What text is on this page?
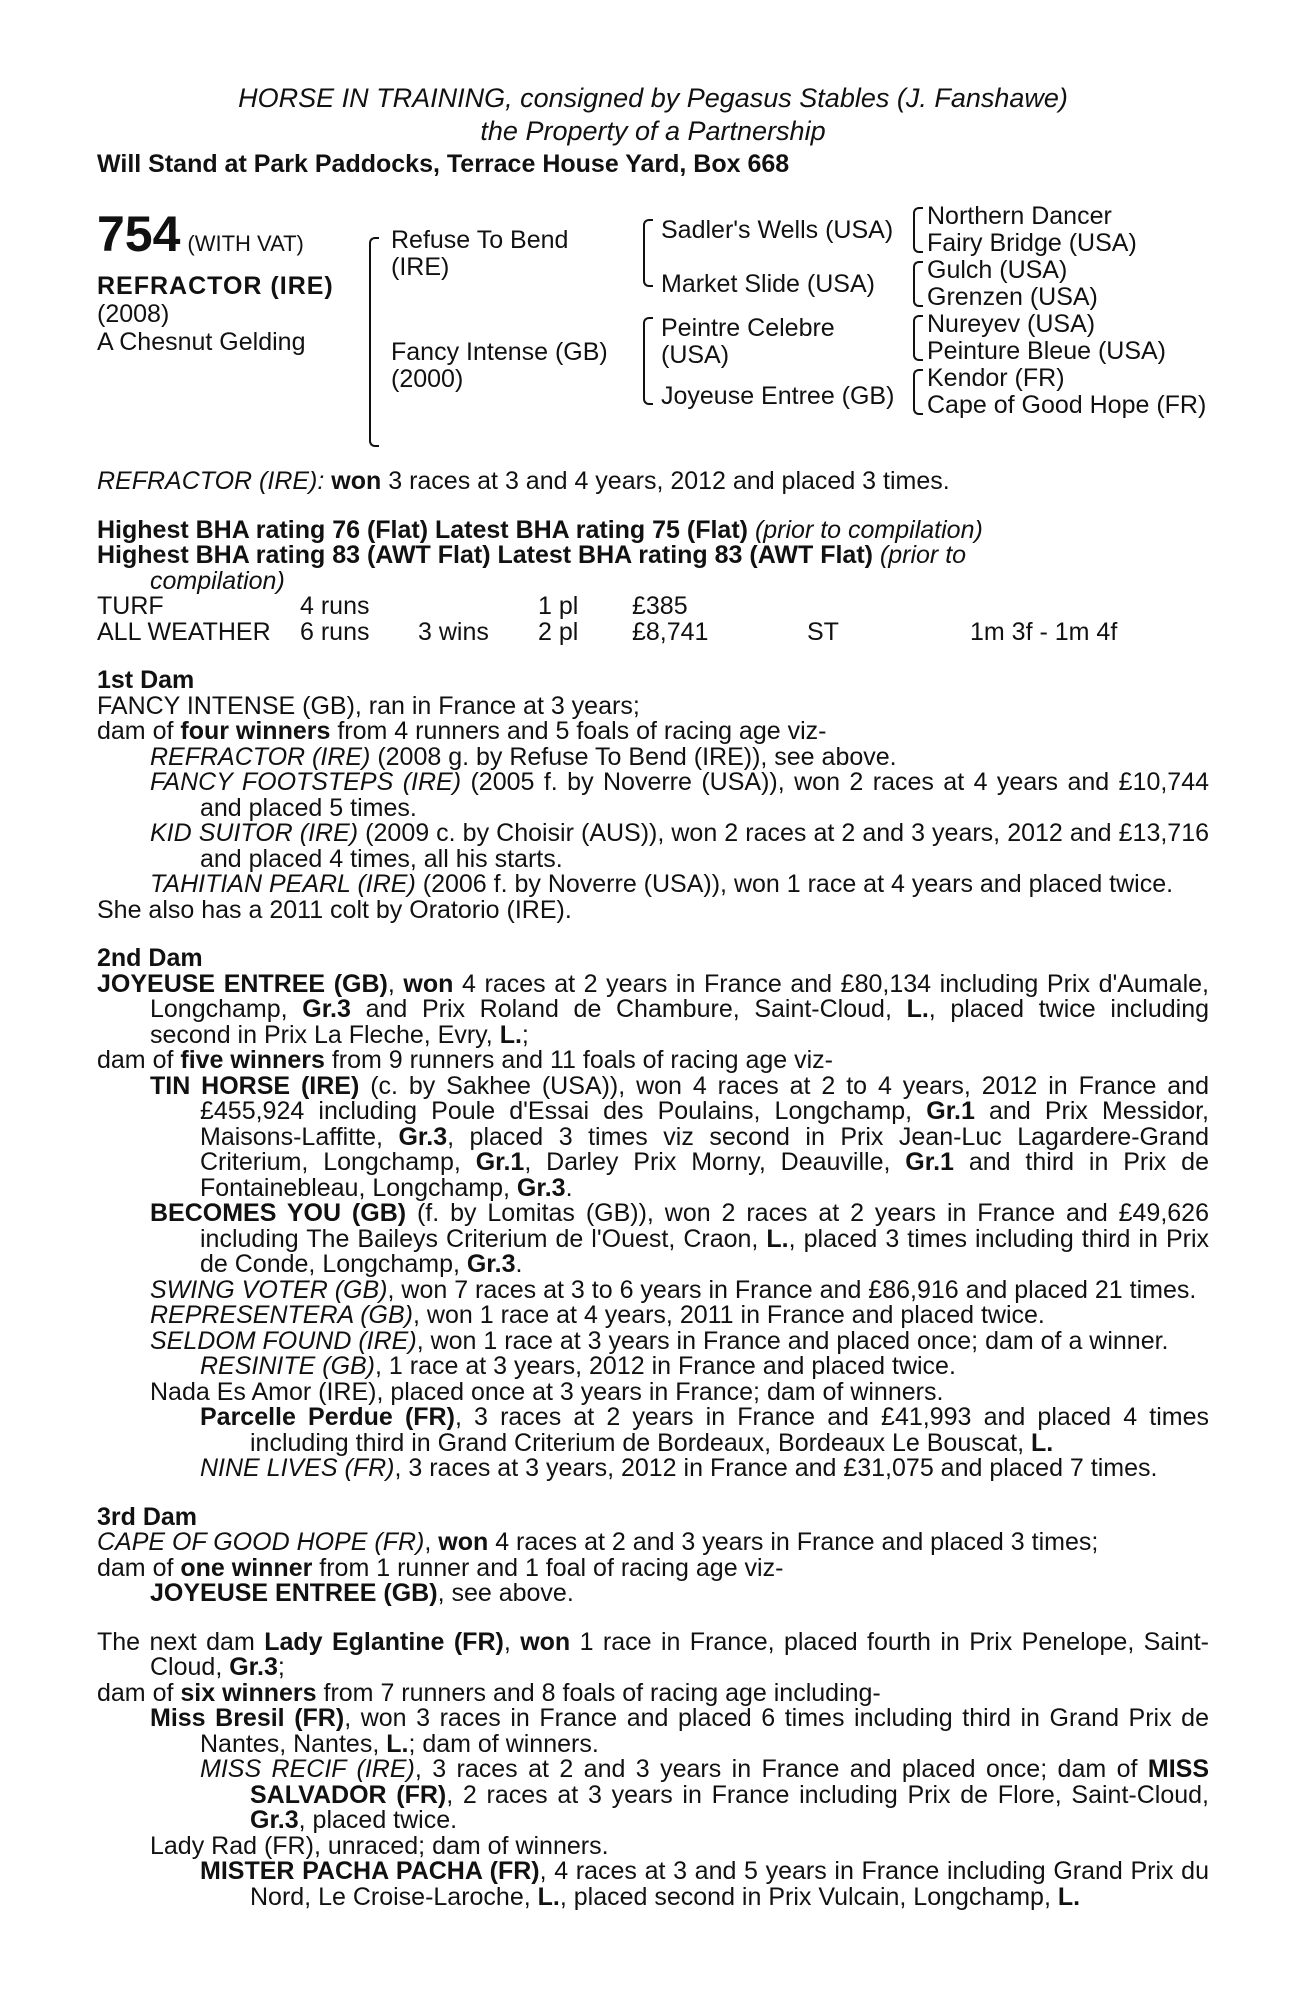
HORSE IN TRAINING, consigned by Pegasus Stables (J. Fanshawe)
the Property of a Partnership
Will Stand at Park Paddocks, Terrace House Yard, Box 668
754 (WITH VAT)
REFRACTOR (IRE)
(2008)
A Chesnut Gelding
Refuse To Bend
(IRE)
Fancy Intense (GB)
(2000)
Sadler's Wells (USA)
Market Slide (USA)
Peintre Celebre
(USA)
Joyeuse Entree (GB)
Northern Dancer
Fairy Bridge (USA)
Gulch (USA)
Grenzen (USA)
Nureyev (USA)
Peinture Bleue (USA)
Kendor (FR)
Cape of Good Hope (FR)

REFRACTOR (IRE): won 3 races at 3 and 4 years, 2012 and placed 3 times.

Highest BHA rating 76 (Flat) Latest BHA rating 75 (Flat) (prior to compilation)

Highest BHA rating 83 (AWT Flat) Latest BHA rating 83 (AWT Flat) (prior to

compilation)

TURF	4 runs		1 pl	£385		
ALL WEATHER	6 runs	3 wins	2 pl	£8,741	ST	1m 3f - 1m 4f

1st Dam

FANCY INTENSE (GB), ran in France at 3 years;

dam of four winners from 4 runners and 5 foals of racing age viz-

REFRACTOR (IRE) (2008 g. by Refuse To Bend (IRE)), see above.

FANCY FOOTSTEPS (IRE) (2005 f. by Noverre (USA)), won 2 races at 4 years and £10,744 and placed 5 times.

KID SUITOR (IRE) (2009 c. by Choisir (AUS)), won 2 races at 2 and 3 years, 2012 and £13,716 and placed 4 times, all his starts.

TAHITIAN PEARL (IRE) (2006 f. by Noverre (USA)), won 1 race at 4 years and placed twice.

She also has a 2011 colt by Oratorio (IRE).

2nd Dam

JOYEUSE ENTREE (GB), won 4 races at 2 years in France and £80,134 including Prix d'Aumale, Longchamp, Gr.3 and Prix Roland de Chambure, Saint-Cloud, L., placed twice including second in Prix La Fleche, Evry, L.;

dam of five winners from 9 runners and 11 foals of racing age viz-

TIN HORSE (IRE) (c. by Sakhee (USA)), won 4 races at 2 to 4 years, 2012 in France and £455,924 including Poule d'Essai des Poulains, Longchamp, Gr.1 and Prix Messidor, Maisons-Laffitte, Gr.3, placed 3 times viz second in Prix Jean-Luc Lagardere-Grand Criterium, Longchamp, Gr.1, Darley Prix Morny, Deauville, Gr.1 and third in Prix de Fontainebleau, Longchamp, Gr.3.

BECOMES YOU (GB) (f. by Lomitas (GB)), won 2 races at 2 years in France and £49,626 including The Baileys Criterium de l'Ouest, Craon, L., placed 3 times including third in Prix de Conde, Longchamp, Gr.3.

SWING VOTER (GB), won 7 races at 3 to 6 years in France and £86,916 and placed 21 times.

REPRESENTERA (GB), won 1 race at 4 years, 2011 in France and placed twice.

SELDOM FOUND (IRE), won 1 race at 3 years in France and placed once; dam of a winner.

RESINITE (GB), 1 race at 3 years, 2012 in France and placed twice.

Nada Es Amor (IRE), placed once at 3 years in France; dam of winners.

Parcelle Perdue (FR), 3 races at 2 years in France and £41,993 and placed 4 times including third in Grand Criterium de Bordeaux, Bordeaux Le Bouscat, L.

NINE LIVES (FR), 3 races at 3 years, 2012 in France and £31,075 and placed 7 times.

3rd Dam

CAPE OF GOOD HOPE (FR), won 4 races at 2 and 3 years in France and placed 3 times;

dam of one winner from 1 runner and 1 foal of racing age viz-

JOYEUSE ENTREE (GB), see above.

The next dam Lady Eglantine (FR), won 1 race in France, placed fourth in Prix Penelope, Saint-Cloud, Gr.3;

dam of six winners from 7 runners and 8 foals of racing age including-

Miss Bresil (FR), won 3 races in France and placed 6 times including third in Grand Prix de Nantes, Nantes, L.; dam of winners.

MISS RECIF (IRE), 3 races at 2 and 3 years in France and placed once; dam of MISS SALVADOR (FR), 2 races at 3 years in France including Prix de Flore, Saint-Cloud, Gr.3, placed twice.

Lady Rad (FR), unraced; dam of winners.

MISTER PACHA PACHA (FR), 4 races at 3 and 5 years in France including Grand Prix du Nord, Le Croise-Laroche, L., placed second in Prix Vulcain, Longchamp, L.
